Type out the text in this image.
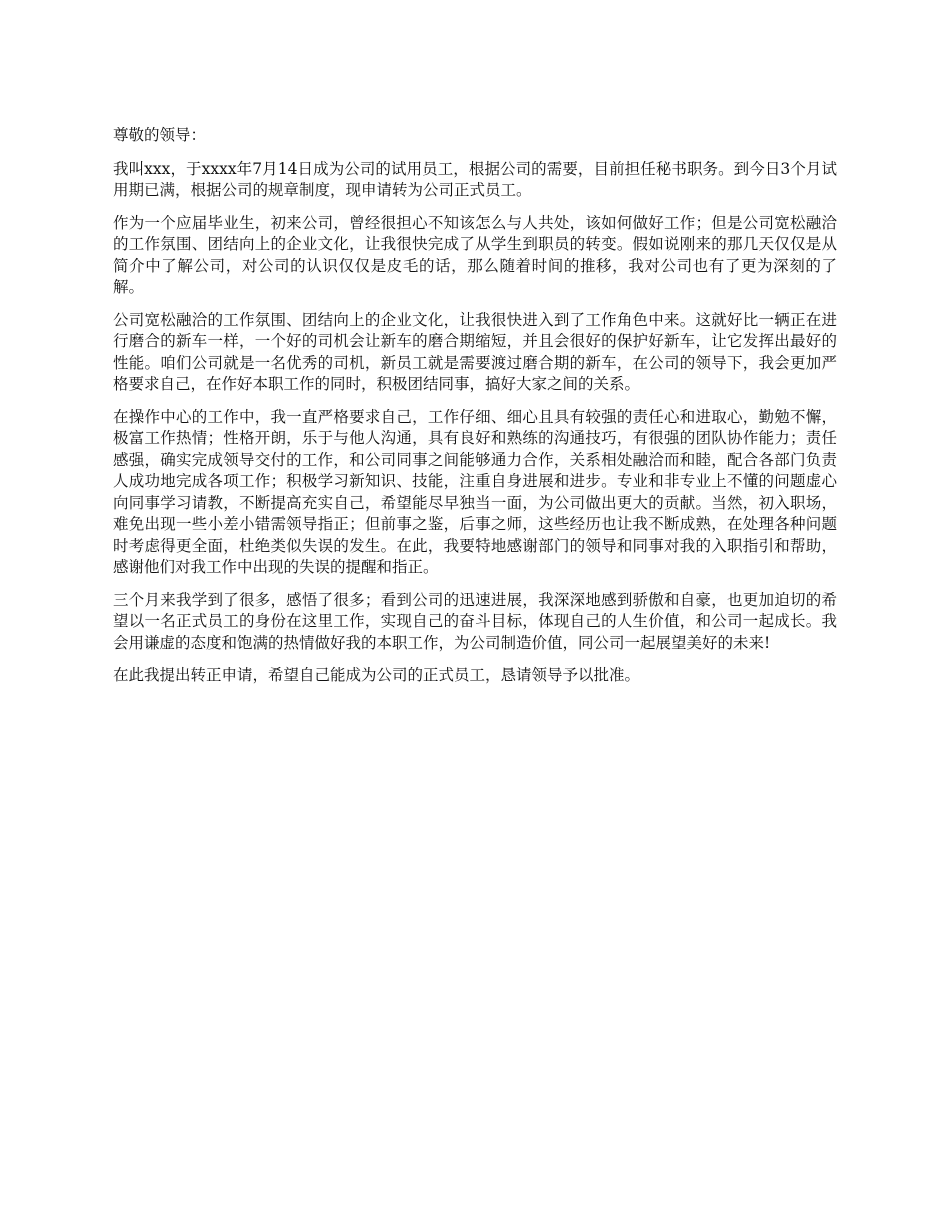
尊敬的领导：

我叫xxx，于xxxx年7月14日成为公司的试用员工，根据公司的需要，目前担任秘书职务。到今日3个月试用期已满，根据公司的规章制度，现申请转为公司正式员工。

作为一个应届毕业生，初来公司，曾经很担心不知该怎么与人共处，该如何做好工作；但是公司宽松融洽的工作氛围、团结向上的企业文化，让我很快完成了从学生到职员的转变。假如说刚来的那几天仅仅是从简介中了解公司，对公司的认识仅仅是皮毛的话，那么随着时间的推移，我对公司也有了更为深刻的了解。

公司宽松融洽的工作氛围、团结向上的企业文化，让我很快进入到了工作角色中来。这就好比一辆正在进行磨合的新车一样，一个好的司机会让新车的磨合期缩短，并且会很好的保护好新车，让它发挥出最好的性能。咱们公司就是一名优秀的司机，新员工就是需要渡过磨合期的新车，在公司的领导下，我会更加严格要求自己，在作好本职工作的同时，积极团结同事，搞好大家之间的关系。

在操作中心的工作中，我一直严格要求自己，工作仔细、细心且具有较强的责任心和进取心，勤勉不懈，极富工作热情；性格开朗，乐于与他人沟通，具有良好和熟练的沟通技巧，有很强的团队协作能力；责任感强，确实完成领导交付的工作，和公司同事之间能够通力合作，关系相处融洽而和睦，配合各部门负责人成功地完成各项工作；积极学习新知识、技能，注重自身进展和进步。专业和非专业上不懂的问题虚心向同事学习请教，不断提高充实自己，希望能尽早独当一面，为公司做出更大的贡献。当然，初入职场，难免出现一些小差小错需领导指正；但前事之鉴，后事之师，这些经历也让我不断成熟，在处理各种问题时考虑得更全面，杜绝类似失误的发生。在此，我要特地感谢部门的领导和同事对我的入职指引和帮助，感谢他们对我工作中出现的失误的提醒和指正。

三个月来我学到了很多，感悟了很多；看到公司的迅速进展，我深深地感到骄傲和自豪，也更加迫切的希望以一名正式员工的身份在这里工作，实现自己的奋斗目标，体现自己的人生价值，和公司一起成长。我会用谦虚的态度和饱满的热情做好我的本职工作，为公司制造价值，同公司一起展望美好的未来!

在此我提出转正申请，希望自己能成为公司的正式员工，恳请领导予以批准。
